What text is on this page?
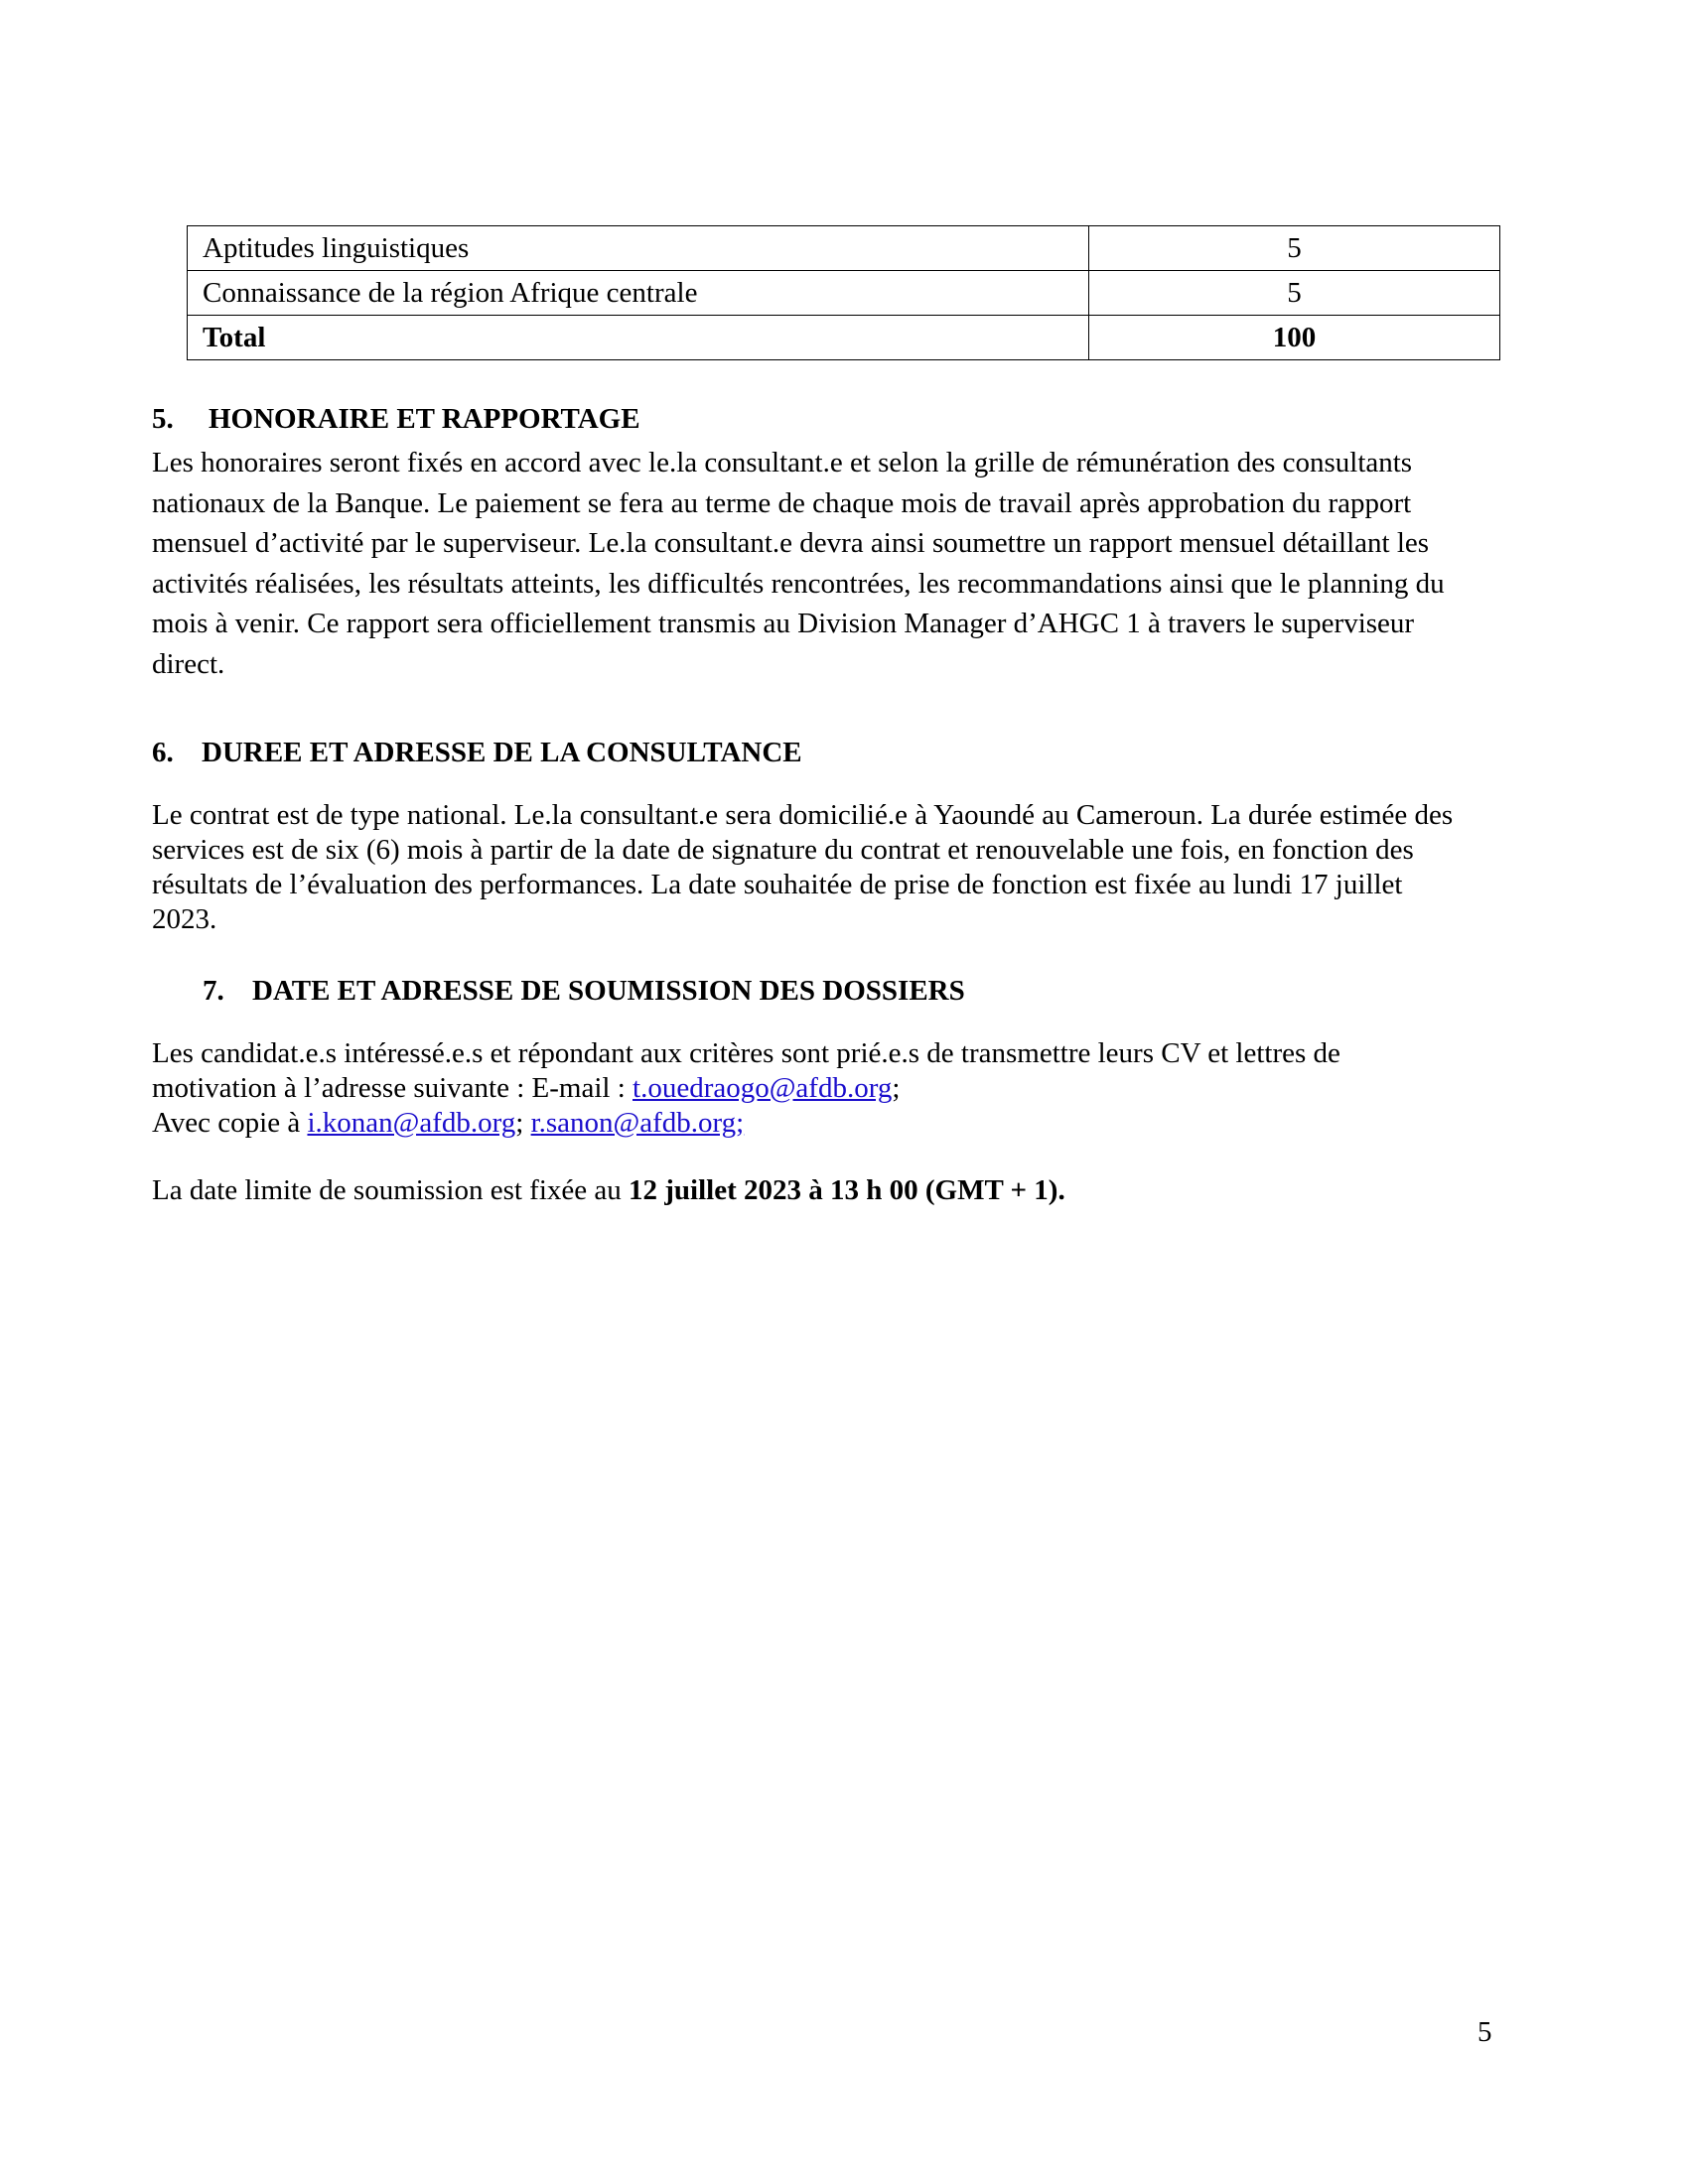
Aptitudes linguistiques	5
Connaissance de la région Afrique centrale	5
Total	100
5. HONORAIRE ET RAPPORTAGE
Les honoraires seront fixés en accord avec le.la consultant.e et selon la grille de rémunération des consultants
nationaux de la Banque. Le paiement se fera au terme de chaque mois de travail après approbation du rapport
mensuel d’activité par le superviseur. Le.la consultant.e devra ainsi soumettre un rapport mensuel détaillant les
activités réalisées, les résultats atteints, les difficultés rencontrées, les recommandations ainsi que le planning du
mois à venir. Ce rapport sera officiellement transmis au Division Manager d’AHGC 1 à travers le superviseur
direct.
6. DUREE ET ADRESSE DE LA CONSULTANCE
Le contrat est de type national. Le.la consultant.e sera domicilié.e à Yaoundé au Cameroun. La durée estimée des
services est de six (6) mois à partir de la date de signature du contrat et renouvelable une fois, en fonction des
résultats de l’évaluation des performances. La date souhaitée de prise de fonction est fixée au lundi 17 juillet
2023.
7. DATE ET ADRESSE DE SOUMISSION DES DOSSIERS
Les candidat.e.s intéressé.e.s et répondant aux critères sont prié.e.s de transmettre leurs CV et lettres de
motivation à l’adresse suivante : E-mail : t.ouedraogo@afdb.org;
Avec copie à i.konan@afdb.org; r.sanon@afdb.org;
La date limite de soumission est fixée au 12 juillet 2023 à 13 h 00 (GMT + 1).
5
